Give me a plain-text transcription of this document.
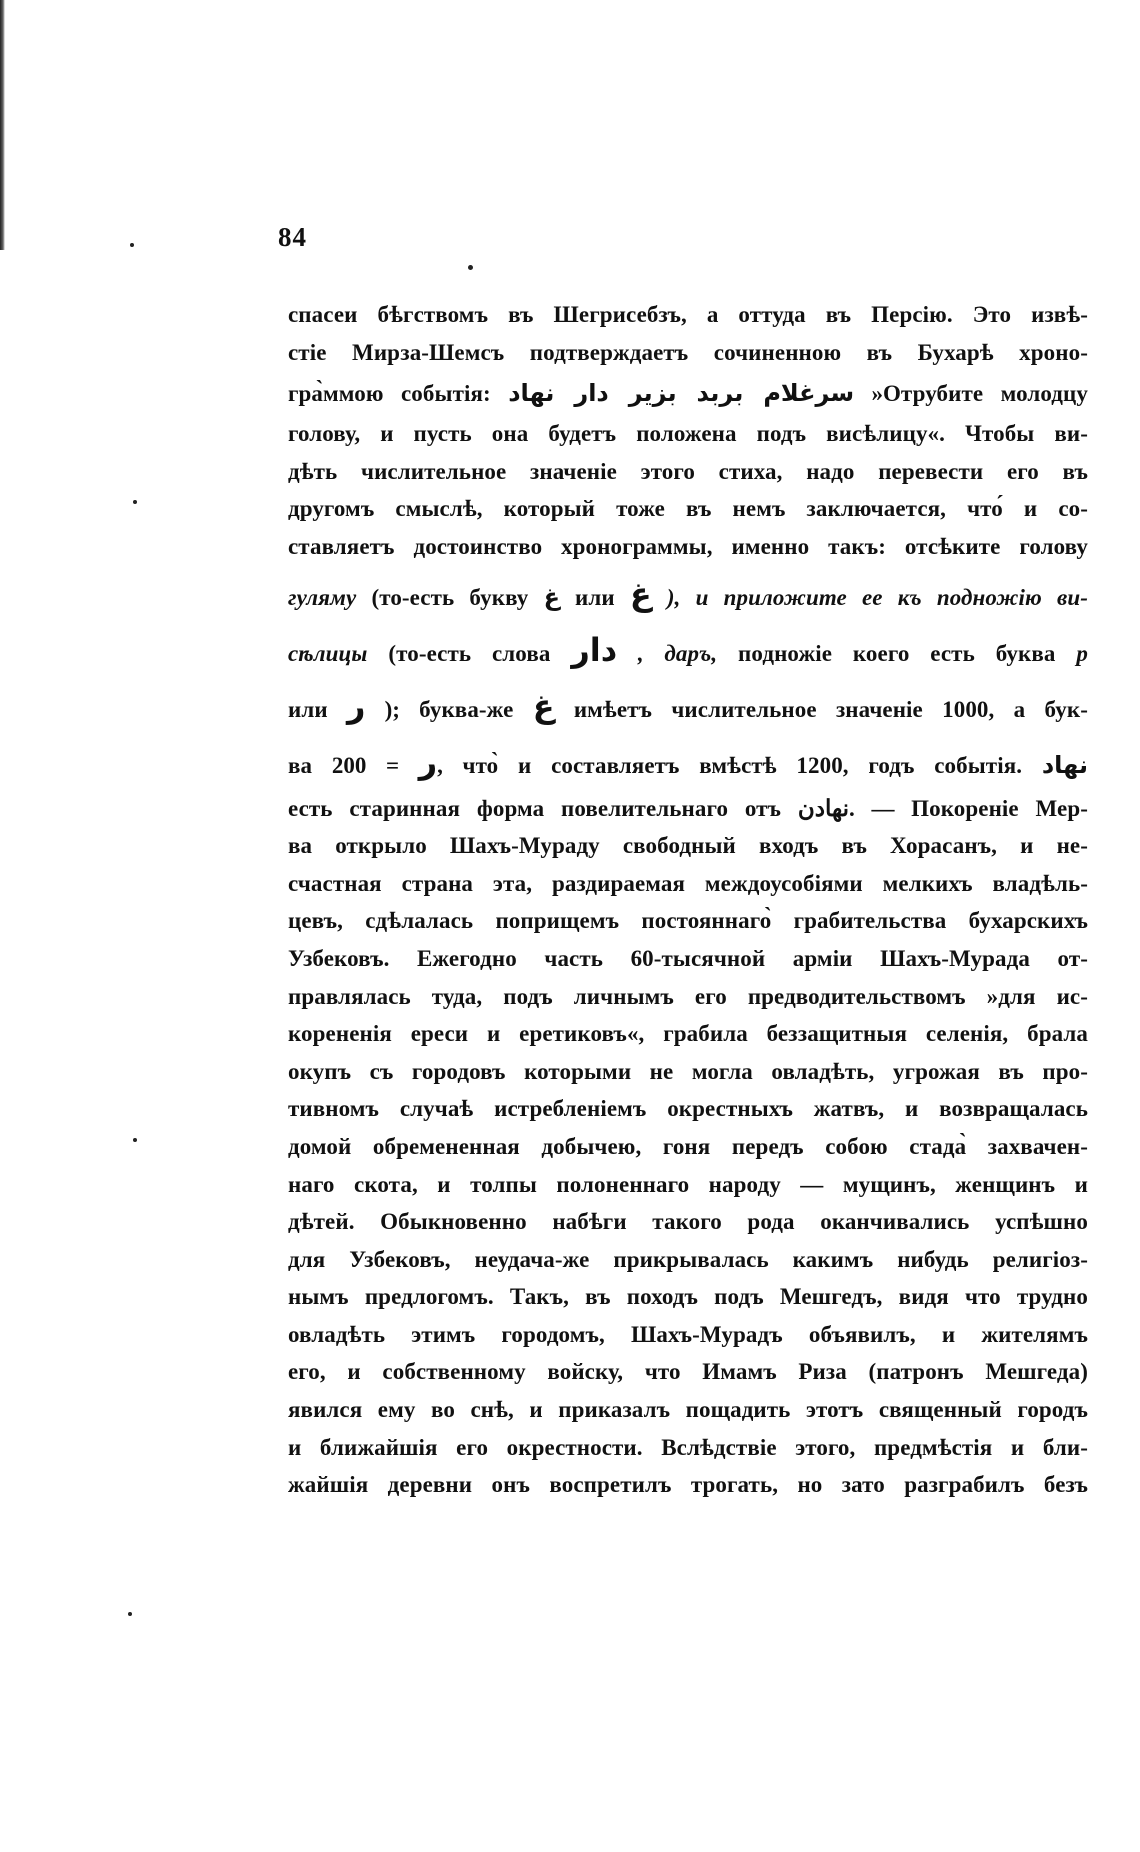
84
спасеи бѣгствомъ въ Шегрисебзъ, а оттуда въ Персію. Это извѣ-
стіе Мирза-Шемсъ подтверждаетъ сочиненною въ Бухарѣ хроно-
гра̀ммою событія: سرغلام بربد بزير دار نهاد »Отрубите молодцу
голову, и пусть она будетъ положена подъ висѣлицу«. Чтобы ви-
дѣть числительное значеніе этого стиха, надо перевести его въ
другомъ смыслѣ, который тоже въ немъ заключается, что́ и со-
ставляетъ достоинство хронограммы, именно такъ: отсѣките голову
гуляму (то-есть букву غ или غ ), и приложите ее къ подножію ви-
сѣлицы (то-есть слова دار , даръ, подножіе коего есть буква р
или ر ); буква-же غ имѣетъ числительное значеніе 1000, а бук-
ва	ر = 200, что̀ и составляетъ вмѣстѣ 1200, годъ событія. نهاد
есть старинная форма повелительнаго отъ نهادن. — Покореніе Мер-
ва открыло Шахъ-Мураду свободный входъ въ Хорасанъ, и не-
счастная страна эта, раздираемая междоусобіями мелкихъ владѣль-
цевъ, сдѣлалась поприщемъ постояннаго̀ грабительства бухарскихъ
Узбековъ. Ежегодно часть 60-тысячной арміи Шахъ-Мурада от-
правлялась туда, подъ личнымъ его предводительствомъ »для ис-
корененія ереси и еретиковъ«, грабила беззащитныя селенія, брала
окупъ съ городовъ которыми не могла овладѣть, угрожая въ про-
тивномъ случаѣ истребленіемъ окрестныхъ жатвъ, и возвращалась
домой обремененная добычею, гоня передъ собою стада̀ захвачен-
наго скота, и толпы полоненнаго народу — мущинъ, женщинъ и
дѣтей. Обыкновенно набѣги такого рода оканчивались успѣшно
для Узбековъ, неудача-же прикрывалась какимъ нибудь религіоз-
нымъ предлогомъ. Такъ, въ походъ подъ Мешгедъ, видя что трудно
овладѣть этимъ городомъ, Шахъ-Мурадъ объявилъ, и жителямъ
его, и собственному войску, что Имамъ Риза (патронъ Мешгеда)
явился ему во снѣ, и приказалъ пощадить этотъ священный городъ
и ближайшія его окрестности. Вслѣдствіе этого, предмѣстія и бли-
жайшія деревни онъ воспретилъ трогать, но зато разграбилъ безъ
